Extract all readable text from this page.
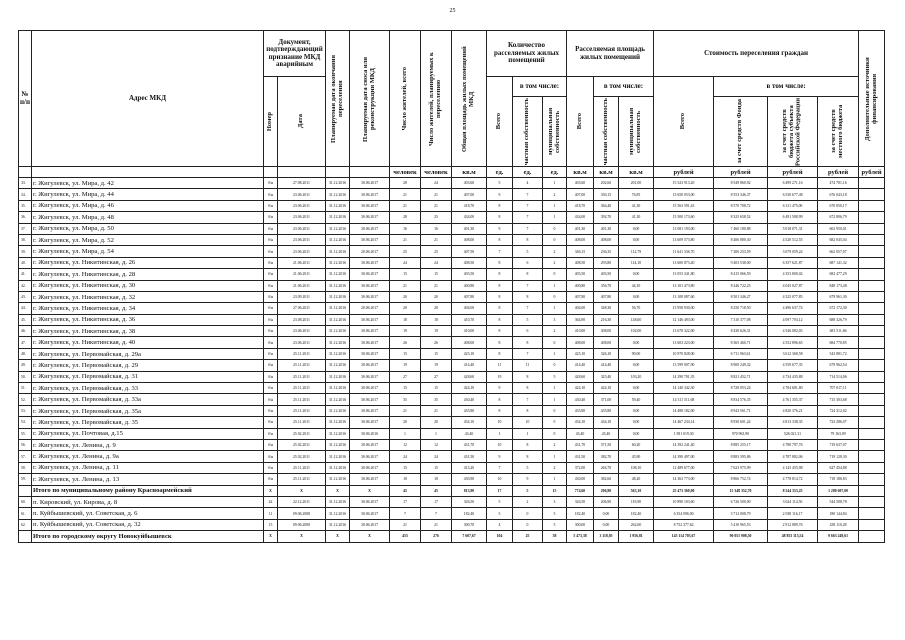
25
№ п/п	Адрес МКД	Документ, подтверждающий признание МКД аварийным		Планируемая дата окончания переселения	Планируемая дата сноса или реконструкции МКД	Число жителей, всего	Число жителей, планируемых к переселению	Общая площадь жилых помещений МКД	Количество расселяемых жилых помещений			Расселяемая площадь жилых помещений			Стоимость переселения граждан				Дополнительные источники финансирования

		Номер	Дата						Всего	в том числе:		Всего	в том числе:		Всего	в том числе:			

										частная собственность	муниципальная собственность		частная собственность	муниципальная собственность		за счет средств Фонда	за счет средств бюджета субъекта Российской Федерации	за счет средств местного бюджета	

						человек	человек	кв.м	ед.	ед.	ед.	кв.м	кв.м	кв.м	рублей	рублей	рублей	рублей	рублей
33.	г. Жигулевск, ул. Мира, д. 42	б/н	27.08.2011	31.12.2016	30.06.2017	28	24	403,60	5	4	1	403,60	202,60	201,00	15 523 913,20	8 549 860,92	6 499 271,16	474 781,16	
34.	г. Жигулевск, ул. Мира, д. 44	б/н	23.06.2011	31.12.2016	30.06.2017	21	21	407,00	9	7	2	407,00	330,15	76,85	15 650 053,00	8 553 346,37	6 530 677,48	676 043,18	
35.	г. Жигулевск, ул. Мира, д. 46	б/н	23.06.2011	31.12.2016	30.06.2017	21	21	418,70	8	7	1	418,70	364,40	41,30	15 563 591,43	8 570 708,72	6 311 475,00	670 050,17	
36.	г. Жигулевск, ул. Мира, д. 48	б/н	23.06.2011	31.12.2016	30.06.2017	28	25	434,00	8	7	1	434,00	392,70	41,30	15 500 173,60	8 325 658,52	6 491 508,99	672 806,79	
37.	г. Жигулевск, ул. Мира, д. 50	б/н	23.06.2011	31.12.2016	30.06.2017	16	16	401,30	9	7	0	401,30	401,30	0,00	13 081 193,00	7 460 180,88	5 018 071,31	602 950,01	
38.	г. Жигулевск, ул. Мира, д. 52	б/н	23.06.2011	31.12.2016	30.06.2017	21	21	408,00	8	8	0	408,00	408,00	0,00	13 609 573,80	8 406 880,30	4 520 512,55	682 045,04	
39.	г. Жигулевск, ул. Мира, д. 54	б/н	23.06.2011	31.12.2016	20.06.2017	25	25	407,50	7	5	2	346,15	236,35	112,79	11 641 336,70	7 306 253,59	3 679 059,24	662 057,07	
40.	г. Жигулевск, ул. Никитинская, д. 26	б/н	21.06.2011	31.12.2016	30.06.2017	24	24	408,50	8	6	2	408,50	293,80	114,10	13 600 873,40	9 403 538,00	6 357 621,87	687 141,32	
41.	г. Жигулевск, ул. Никитинская, д. 28	б/н	21.06.2011	31.12.2016	30.06.2017	15	15	403,50	8	8	0	403,50	403,50	0,00	13 053 341,80	8 415 066,59	4 353 800,02	682 477,29	
42.	г. Жигулевск, ул. Никитинская, д. 30	б/н	21.06.2011	31.12.2016	30.06.2017	21	21	400,80	8	7	1	400,80	356,70	44,10	13 101 473,80	8 246 722,25	4 045 027,87	848 173,48	
43.	г. Жигулевск, ул. Никитинская, д. 32	б/н	23.09.2011	31.12.2016	30.06.2017	20	20	407,80	8	8	0	407,80	407,80	0,00	13 108 087,60	8 501 346,27	4 525 077,85	679 961,30	
44.	г. Жигулевск, ул. Никитинская, д. 34	б/н	27.06.2011	31.12.2016	20.06.2017	20	20	404,00	8	7	1	404,00	348,30	56,70	13 958 930,00	8 250 718,50	4 496 637,74	672 172,30	
45.	г. Жигулевск, ул. Никитинская, д. 36	б/н	23.08.2011	31.12.2016	30.06.2017	18	18	410,70	8	5	3	364,90	216,30	148,60	12 146 493,00	7 310 377,08	4 097 703,12	688 326,79	
46.	г. Жигулевск, ул. Никитинская, д. 38	б/н	23.06.2011	31.12.2016	30.06.2017	19	19	410,00	8	6	2	410,00	308,00	102,00	13 670 322,00	8 430 626,31	4 546 082,03	681 511,66	
47.	г. Жигулевск, ул. Никитинская, д. 40	б/н	23.06.2011	31.12.2016	30.06.2017	26	26	408,00	8	8	0	408,00	408,00	0,00	13 603 223,00	8 365 460,71	4 552 896,65	684 770,85	
48.	г. Жигулевск, ул. Первомайская, д. 29а	б/н	25.11.2011	31.12.2016	30.06.2017	15	15	425,10	8	7	1	425,10	326,10	99,00	10 970 828,00	6 711 963,61	3 612 368,58	543 881,72	
49.	г. Жигулевск, ул. Первомайская, д. 29	б/н	25.11.2011	31.12.2016	30.06.2017	19	19	414,40	11	11	0	414,40	414,40	0,00	13 599 907,90	8 900 249,32	4 559 677,35	679 962,54	
50.	г. Жигулевск, ул. Первомайская, д. 31	б/н	25.11.2011	31.12.2016	30.06.2017	27	27	428,60	19	8	5	428,60	325,40	103,20	14 290 701,35	8 821 452,71	4 734 435,88	714 514,06	
51.	г. Жигулевск, ул. Первомайская, д. 33	б/н	25.11.2011	31.12.2016	30.06.2017	15	15	424,10	9	8	1	424,10	424,10	0,00	14 140 342,30	8 728 053,24	4 704 681,80	707 017,11	
52.	г. Жигулевск, ул. Первомайская, д. 33а	б/н	25.11.2011	31.12.2016	30.06.2017	35	35	430,40	8	7	1	430,40	371,00	59,40	14 311 511,68	8 834 576,35	4 761 355,37	715 303,68	
53.	г. Жигулевск, ул. Первомайская, д. 35а	б/н	25.11.2011	31.12.2016	30.06.2017	21	21	435,80	8	8	0	435,80	435,80	0,00	14 488 182,00	8 943 561,71	4 820 376,21	724 312,02	
54.	г. Жигулевск, ул. Первомайская, д. 35	б/н	25.11.2011	31.12.2016	30.06.2017	20	20	434,10	10	10	0	434,10	434,10	0,00	14 467 234,14	8 930 601,24	4 813 338,35	723 286,07	
55.	г. Жигулевск, ул. Почтовая, д.15	б/н	25.02.2011	31.12.2016	30.06.2016	1	1	43,40	1	1	0	43,40	43,40	0,00	1 581 019,30	970 963,90	526 021,31	79 163,09	
56.	г. Жигулевск, ул. Ленина, д. 9	б/н	25.02.2011	31.12.2016	30.06.2017	12	12	431,70	10	8	2	431,70	371,50	60,20	14 392 241,40	8 885 255,17	4 788 797,76	719 637,07	
57.	г. Жигулевск, ул. Ленина, д. 9а	б/н	25.02.2011	31.12.2016	30.06.2017	24	24	431,50	9	8	1	431,50	382,70	45,90	14 390 497,00	8 883 395,86	4 787 882,06	719 128,30	
58.	г. Жигулевск, ул. Ленина, д. 11	б/н	25.11.2011	31.12.2016	30.06.2017	15	15	413,20	7	5	2	372,00	264,70	108,10	12 489 677,00	7 623 975,99	4 143 455,98	627 454,88	
59.	г. Жигулевск, ул. Ленина, д. 13	б/н	25.11.2011	31.12.2016	30.06.2017	18	18	430,90	10	9	1	430,00	382,60	48,20	14 363 773,00	8 866 752,74	4 778 814,72	718 186,83	
	Итого по муниципальному району Красноармейский	X	X	X	X	45	45	813,90	17	5	15	774,60	206,90	563,10	25 473 360,00	15 348 352,70	8 544 353,25	1 280 607,00	
60.	п. Кировский, ул. Кирова, д. 8	42	22.12.2011	31.12.2016	30.06.2017	17	17	326,50	5	2	3	326,50	206,90	119,90	10 890 103,60	6 726 500,00	3 624 114,50	544 508,78	
61.	п. Куйбышевский, ул. Советская, д. 6	11	09.06.2008	31.12.2016	30.06.2017	7	7	182,40	5	0	5	182,40	0,00	182,40	6 354 096,00	3 712 008,79	2 038 116,17	180 144,84	
62.	п. Куйбышевский, ул. Советская, д. 32	15	09.06.2008	31.12.2016	30.06.2017	21	21	300,70	4	0	5	300,00	0,00	262,60	8 752 377,62	5 410 965,53	2 912 889,76	438 110,28	
	Итого по городскому округу Новокуйбышевск	X	X	X	X	455	276	7 607,67	104	25	58	5 473,38	3 118,05	1 956,81	145 114 703,67	90 051 908,50	48 853 115,54	9 663 249,61	
